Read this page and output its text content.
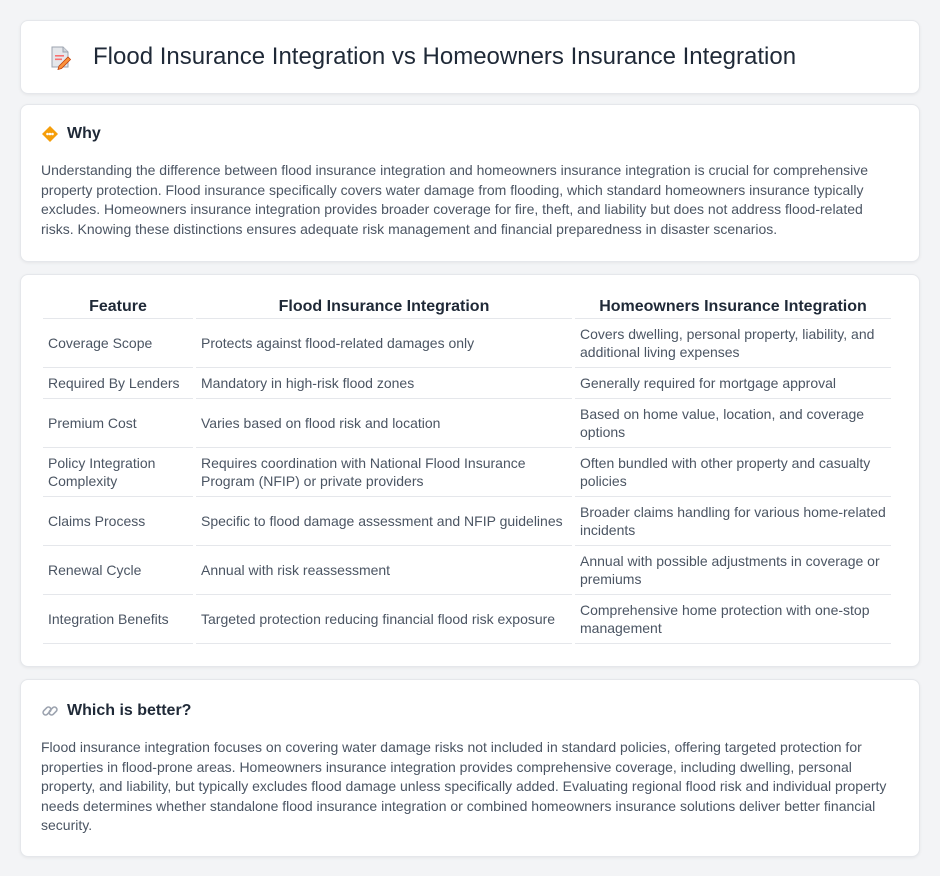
Flood Insurance Integration vs Homeowners Insurance Integration
Why

Understanding the difference between flood insurance integration and homeowners insurance integration is crucial for comprehensive property protection. Flood insurance specifically covers water damage from flooding, which standard homeowners insurance typically excludes. Homeowners insurance integration provides broader coverage for fire, theft, and liability but does not address flood-related risks. Knowing these distinctions ensures adequate risk management and financial preparedness in disaster scenarios.

Feature	Flood Insurance Integration	Homeowners Insurance Integration
Coverage Scope	Protects against flood-related damages only	Covers dwelling, personal property, liability, and additional living expenses
Required By Lenders	Mandatory in high-risk flood zones	Generally required for mortgage approval
Premium Cost	Varies based on flood risk and location	Based on home value, location, and coverage options
Policy Integration Complexity	Requires coordination with National Flood Insurance Program (NFIP) or private providers	Often bundled with other property and casualty policies
Claims Process	Specific to flood damage assessment and NFIP guidelines	Broader claims handling for various home-related incidents
Renewal Cycle	Annual with risk reassessment	Annual with possible adjustments in coverage or premiums
Integration Benefits	Targeted protection reducing financial flood risk exposure	Comprehensive home protection with one-stop management
Which is better?

Flood insurance integration focuses on covering water damage risks not included in standard policies, offering targeted protection for properties in flood-prone areas. Homeowners insurance integration provides comprehensive coverage, including dwelling, personal property, and liability, but typically excludes flood damage unless specifically added. Evaluating regional flood risk and individual property needs determines whether standalone flood insurance integration or combined homeowners insurance solutions deliver better financial security.
